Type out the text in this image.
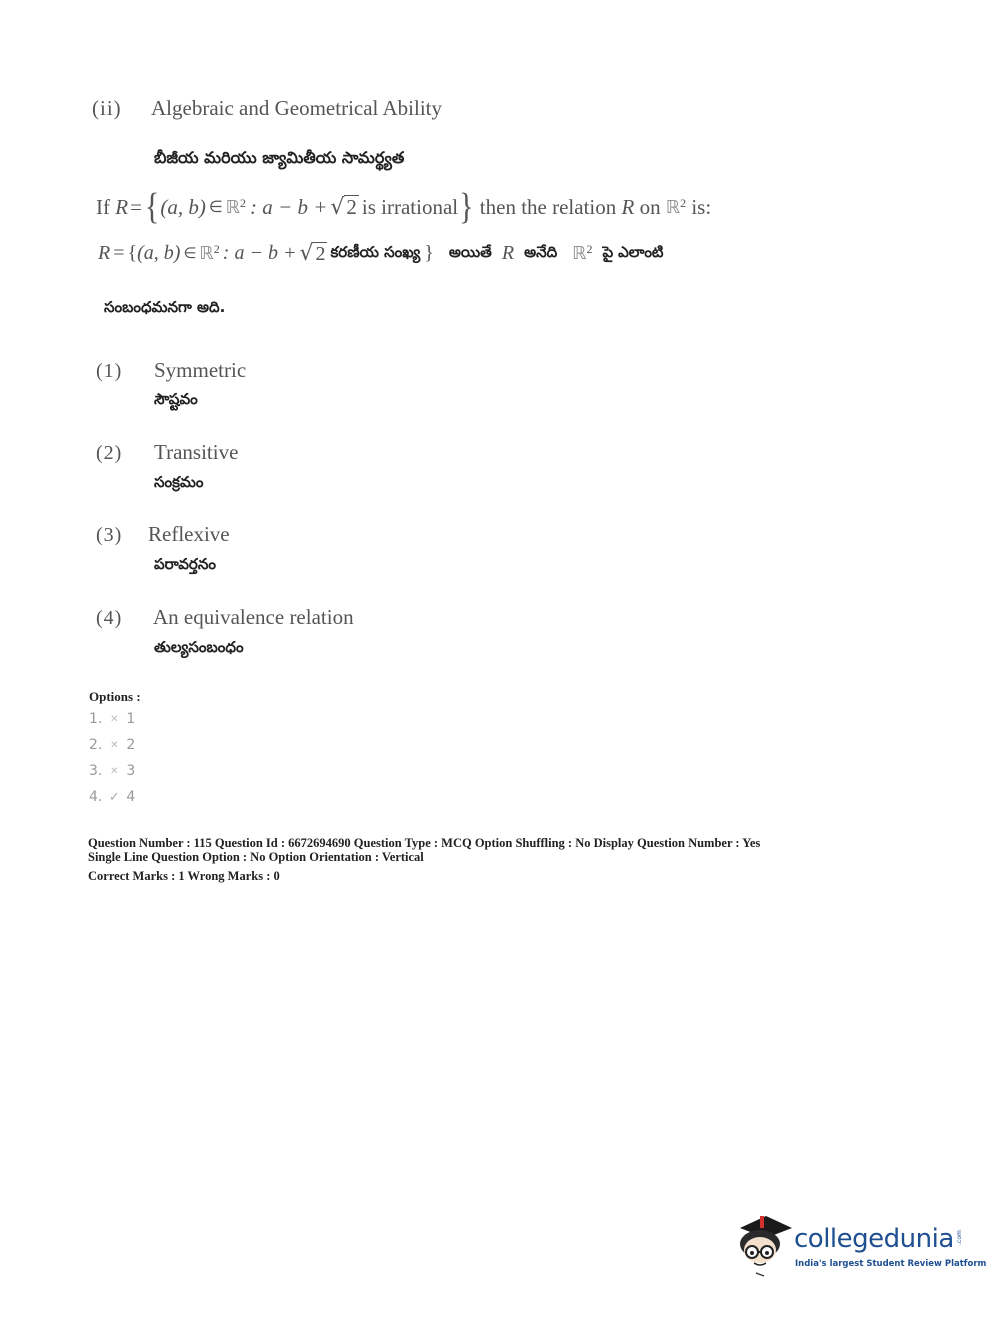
(ii) Algebraic and Geometrical Ability
బీజీయ మరియు జ్యామితీయ సామర్థ్యత
If
R = { (a, b) ∈ ℝ 2 : a − b + √ 2 is irrational }
then the relation
R
on
ℝ 2
is:
R = { (a, b) ∈ ℝ 2 : a − b + √ 2 కరణీయ సంఖ్య }
అయితే
R
అనేది
ℝ 2
పై
ఎలాంటి
సంబంధమనగా అది.
(1) Symmetric
సౌష్టవం
(2) Transitive
సంక్రమం
(3) Reflexive
పరావర్తనం
(4) An equivalence relation
తుల్యసంబంధం
Options :
1. ✕ 1
2. ✕ 2
3. ✕ 3
4. ✓ 4
Question Number : 115 Question Id : 6672694690 Question Type : MCQ Option Shuffling : No Display Question Number : Yes
Single Line Question Option : No Option Orientation : Vertical
Correct Marks : 1 Wrong Marks : 0
collegedunia .com
India's largest Student Review Platform
